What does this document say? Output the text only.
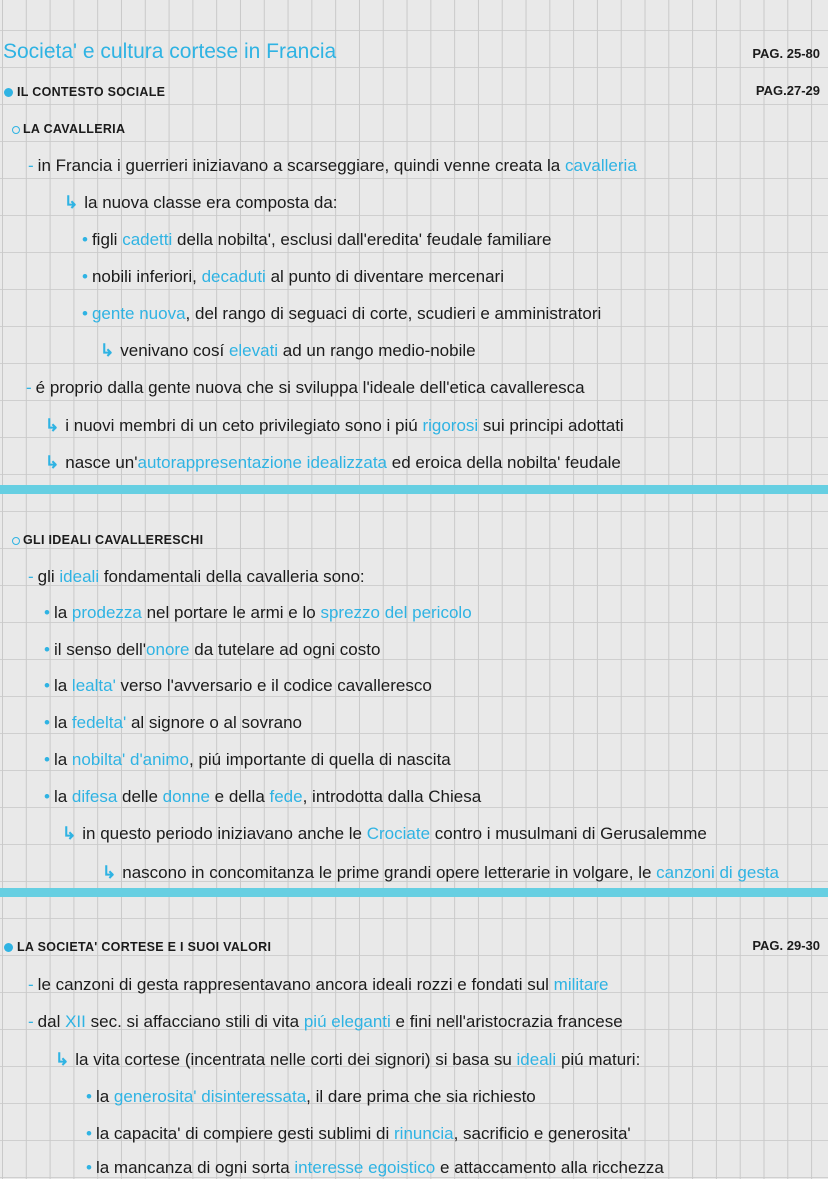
Societa' e cultura cortese in Francia	PAG. 25-80
IL CONTESTO SOCIALE	PAG.27-29
LA CAVALLERIA
GLI IDEALI CAVALLERESCHI
LA SOCIETA' CORTESE E I SUOI VALORI	PAG. 29-30
- in Francia i guerrieri iniziavano a scarseggiare, quindi venne creata la cavalleria
↳ la nuova classe era composta da:
• figli cadetti della nobilta', esclusi dall'eredita' feudale familiare
• nobili inferiori, decaduti al punto di diventare mercenari
• gente nuova, del rango di seguaci di corte, scudieri e amministratori
↳ venivano cosí elevati ad un rango medio-nobile
- é proprio dalla gente nuova che si sviluppa l'ideale dell'etica cavalleresca
↳ i nuovi membri di un ceto privilegiato sono i piú rigorosi sui principi adottati
↳ nasce un'autorappresentazione idealizzata ed eroica della nobilta' feudale
- gli ideali fondamentali della cavalleria sono:
• la prodezza nel portare le armi e lo sprezzo del pericolo
• il senso dell'onore da tutelare ad ogni costo
• la lealta' verso l'avversario e il codice cavalleresco
• la fedelta' al signore o al sovrano
• la nobilta' d'animo, piú importante di quella di nascita
• la difesa delle donne e della fede, introdotta dalla Chiesa
↳ in questo periodo iniziavano anche le Crociate contro i musulmani di Gerusalemme
↳ nascono in concomitanza le prime grandi opere letterarie in volgare, le canzoni di gesta
- le canzoni di gesta rappresentavano ancora ideali rozzi e fondati sul militare
- dal XII sec. si affacciano stili di vita piú eleganti e fini nell'aristocrazia francese
↳ la vita cortese (incentrata nelle corti dei signori) si basa su ideali piú maturi:
• la generosita' disinteressata, il dare prima che sia richiesto
• la capacita' di compiere gesti sublimi di rinuncia, sacrificio e generosita'
• la mancanza di ogni sorta interesse egoistico e attaccamento alla ricchezza
